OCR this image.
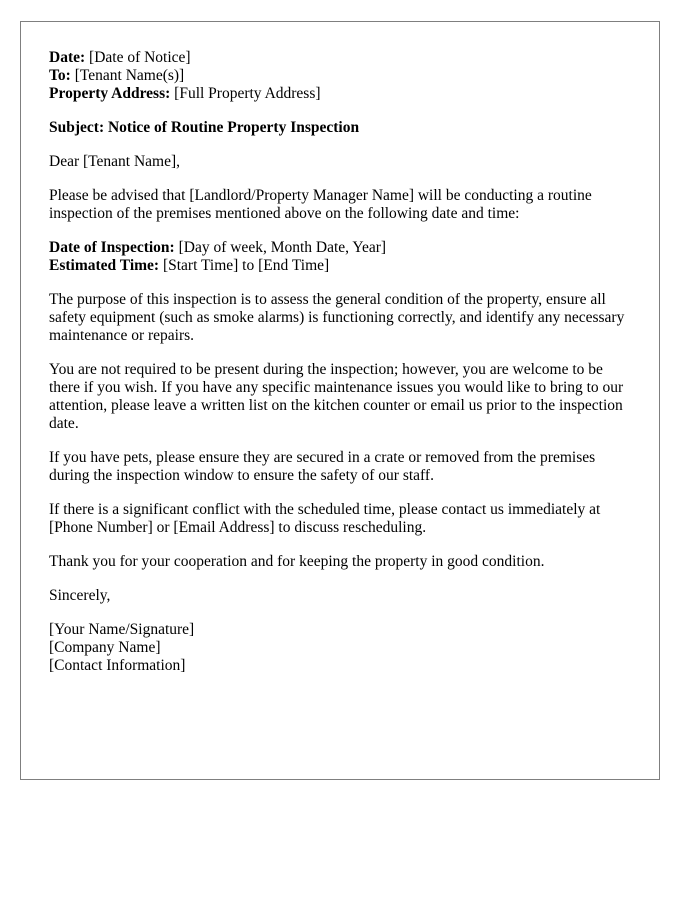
Date: [Date of Notice]
To: [Tenant Name(s)]
Property Address: [Full Property Address]
Subject: Notice of Routine Property Inspection

Dear [Tenant Name],

Please be advised that [Landlord/Property Manager Name] will be conducting a routine inspection of the premises mentioned above on the following date and time:

Date of Inspection: [Day of week, Month Date, Year]
Estimated Time: [Start Time] to [End Time]

The purpose of this inspection is to assess the general condition of the property, ensure all safety equipment (such as smoke alarms) is functioning correctly, and identify any necessary maintenance or repairs.

You are not required to be present during the inspection; however, you are welcome to be there if you wish. If you have any specific maintenance issues you would like to bring to our attention, please leave a written list on the kitchen counter or email us prior to the inspection date.

If you have pets, please ensure they are secured in a crate or removed from the premises during the inspection window to ensure the safety of our staff.

If there is a significant conflict with the scheduled time, please contact us immediately at [Phone Number] or [Email Address] to discuss rescheduling.

Thank you for your cooperation and for keeping the property in good condition.

Sincerely,

[Your Name/Signature]
[Company Name]
[Contact Information]
